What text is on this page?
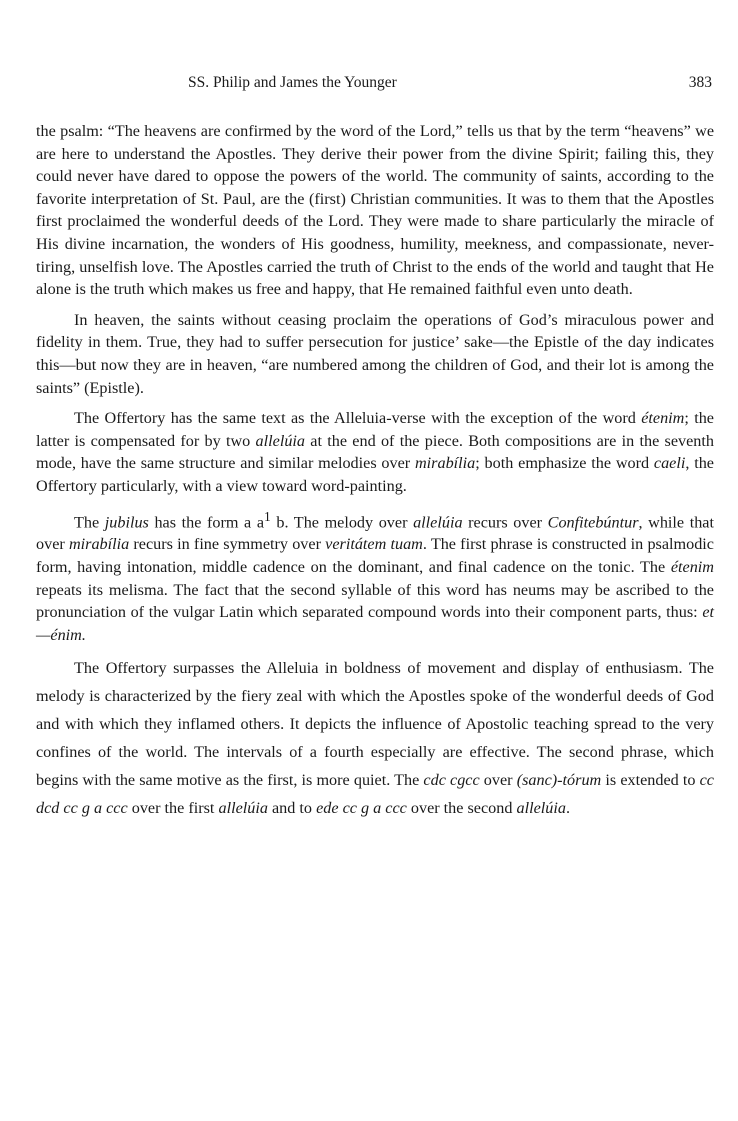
SS. Philip and James the Younger	383

the psalm: “The heavens are confirmed by the word of the Lord,” tells us that by the term “heavens” we are here to understand the Apostles. They derive their power from the divine Spirit; failing this, they could never have dared to oppose the powers of the world. The community of saints, according to the favorite interpretation of St. Paul, are the (first) Christian communities. It was to them that the Apostles first proclaimed the wonderful deeds of the Lord. They were made to share particularly the miracle of His divine incarnation, the wonders of His goodness, humility, meekness, and compassionate, never-tiring, unselfish love. The Apostles carried the truth of Christ to the ends of the world and taught that He alone is the truth which makes us free and happy, that He remained faithful even unto death.

In heaven, the saints without ceasing proclaim the operations of God’s miraculous power and fidelity in them. True, they had to suffer persecution for justice’ sake—the Epistle of the day indicates this—but now they are in heaven, “are numbered among the children of God, and their lot is among the saints” (Epistle).

The Offertory has the same text as the Alleluia-verse with the exception of the word étenim; the latter is compensated for by two allelúia at the end of the piece. Both compositions are in the seventh mode, have the same structure and similar melodies over mirabília; both emphasize the word caeli, the Offertory particularly, with a view toward word-painting.

The jubilus has the form a $a^1$ b. The melody over allelúia recurs over Confitebúntur, while that over mirabília recurs in fine symmetry over veritátem tuam. The first phrase is constructed in psalmodic form, having intonation, middle cadence on the dominant, and final cadence on the tonic. The étenim repeats its melisma. The fact that the second syllable of this word has neums may be ascribed to the pronunciation of the vulgar Latin which separated compound words into their component parts, thus: et—énim.

The Offertory surpasses the Alleluia in boldness of movement and display of enthusiasm. The melody is characterized by the fiery zeal with which the Apostles spoke of the wonderful deeds of God and with which they inflamed others. It depicts the influence of Apostolic teaching spread to the very confines of the world. The intervals of a fourth especially are effective. The second phrase, which begins with the same motive as the first, is more quiet. The cdc cgcc over (sanc)-tórum is extended to cc dcd cc g a ccc over the first allelúia and to ede cc g a ccc over the second allelúia.
